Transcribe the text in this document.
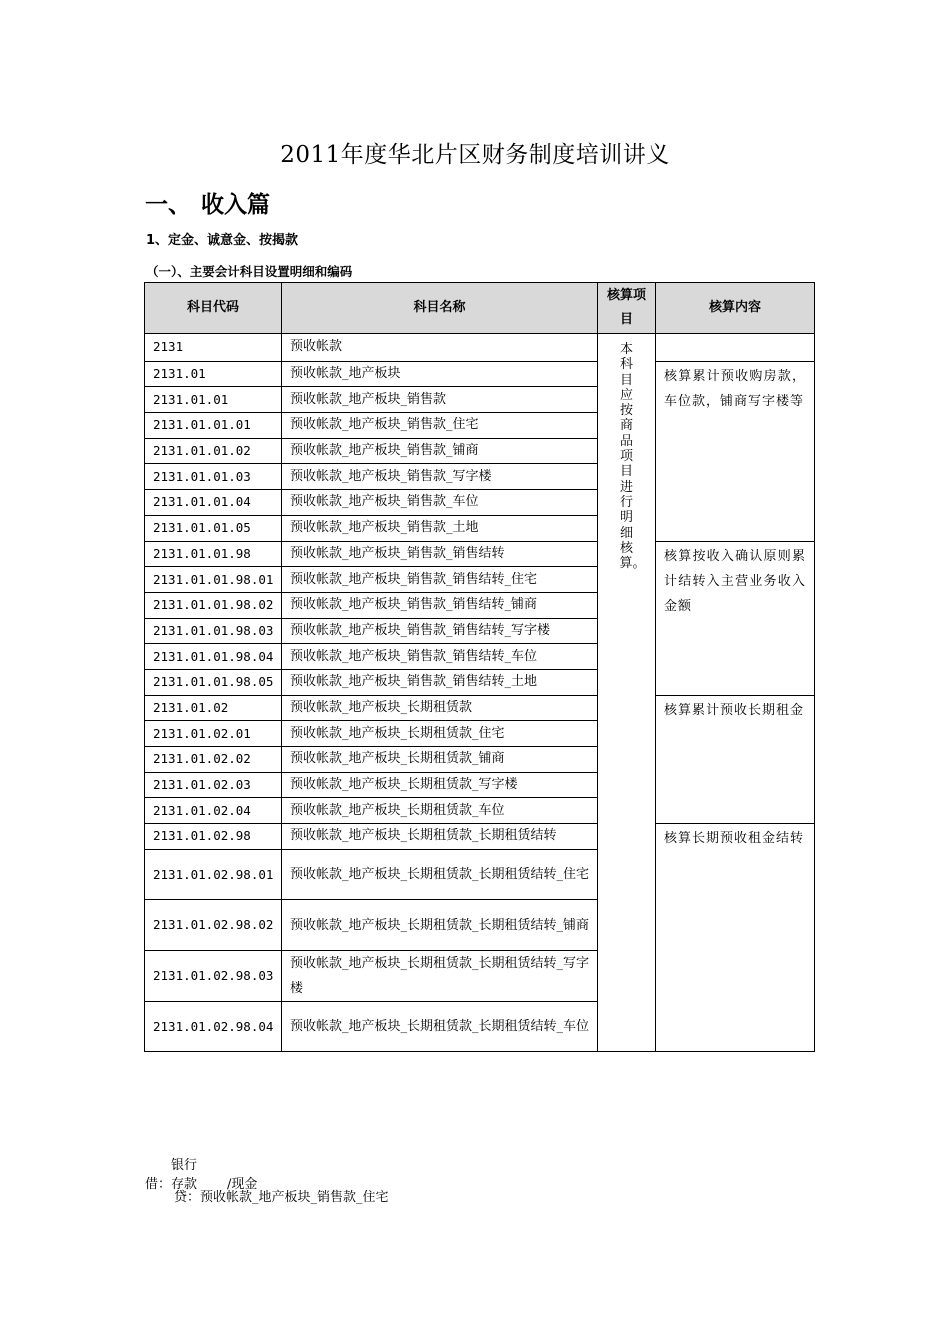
2011年度华北片区财务制度培训讲义
一、 收入篇
1、定金、诚意金、按揭款
（一）、主要会计科目设置明细和编码
科目代码	科目名称	核算项目	核算内容
2131	预收帐款	本科目应按商品项目进行明细核算。	
2131.01	预收帐款_地产板块		核算累计预收购房款，车位款，铺商写字楼等
2131.01.01	预收帐款_地产板块_销售款		
2131.01.01.01	预收帐款_地产板块_销售款_住宅		
2131.01.01.02	预收帐款_地产板块_销售款_铺商		
2131.01.01.03	预收帐款_地产板块_销售款_写字楼		
2131.01.01.04	预收帐款_地产板块_销售款_车位		
2131.01.01.05	预收帐款_地产板块_销售款_土地		
2131.01.01.98	预收帐款_地产板块_销售款_销售结转		核算按收入确认原则累计结转入主营业务收入金额
2131.01.01.98.01	预收帐款_地产板块_销售款_销售结转_住宅		
2131.01.01.98.02	预收帐款_地产板块_销售款_销售结转_铺商		
2131.01.01.98.03	预收帐款_地产板块_销售款_销售结转_写字楼		
2131.01.01.98.04	预收帐款_地产板块_销售款_销售结转_车位		
2131.01.01.98.05	预收帐款_地产板块_销售款_销售结转_土地		
2131.01.02	预收帐款_地产板块_长期租赁款		核算累计预收长期租金
2131.01.02.01	预收帐款_地产板块_长期租赁款_住宅		
2131.01.02.02	预收帐款_地产板块_长期租赁款_铺商		
2131.01.02.03	预收帐款_地产板块_长期租赁款_写字楼		
2131.01.02.04	预收帐款_地产板块_长期租赁款_车位		
2131.01.02.98	预收帐款_地产板块_长期租赁款_长期租赁结转		核算长期预收租金结转
2131.01.02.98.01	预收帐款_地产板块_长期租赁款_长期租赁结转_住宅		
2131.01.02.98.02	预收帐款_地产板块_长期租赁款_长期租赁结转_铺商		
2131.01.02.98.03	预收帐款_地产板块_长期租赁款_长期租赁结转_写字楼		
2131.01.02.98.04	预收帐款_地产板块_长期租赁款_长期租赁结转_车位		
借：银行存款 /现金
贷：预收帐款_地产板块_销售款_住宅
